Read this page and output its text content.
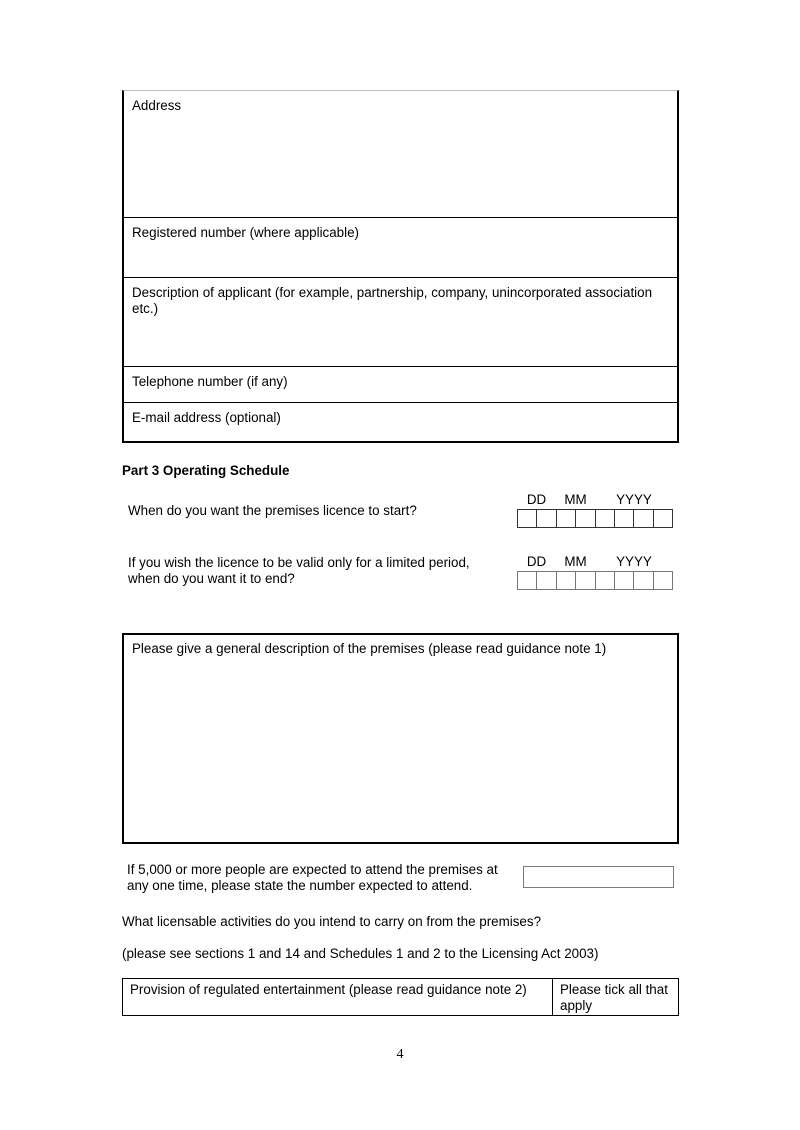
Address
Registered number (where applicable)
Description of applicant (for example, partnership, company, unincorporated association etc.)
Telephone number (if any)
E-mail address (optional)
Part 3 Operating Schedule
When do you want the premises licence to start?
DD	MM	YYYY
If you wish the licence to be valid only for a limited period, when do you want it to end?
DD	MM	YYYY
Please give a general description of the premises (please read guidance note 1)
If 5,000 or more people are expected to attend the premises at any one time, please state the number expected to attend.
What licensable activities do you intend to carry on from the premises?
(please see sections 1 and 14 and Schedules 1 and 2 to the Licensing Act 2003)
Provision of regulated entertainment (please read guidance note 2)	Please tick all that apply
4
